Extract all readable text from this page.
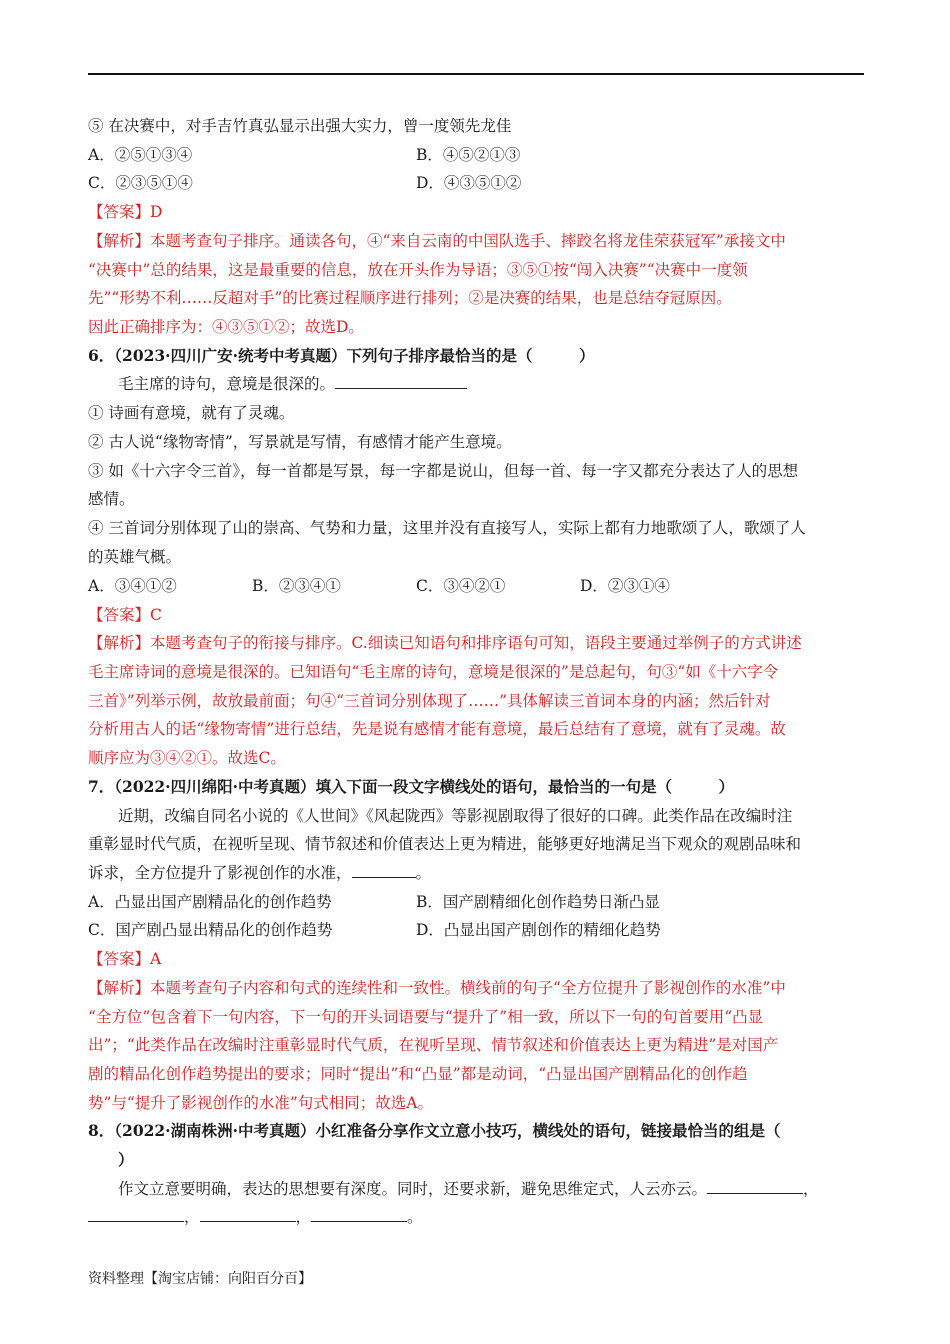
⑤ 在决赛中，对手吉竹真弘显示出强大实力，曾一度领先龙佳
A．②⑤①③④	B．④⑤②①③
C．②③⑤①④	D．④③⑤①②
【答案】D
【解析】本题考查句子排序。通读各句，④“来自云南的中国队选手、摔跤名将龙佳荣获冠军”承接文中
“决赛中”总的结果，这是最重要的信息，放在开头作为导语；③⑤①按“闯入决赛”“决赛中一度领
先”“形势不利……反超对手”的比赛过程顺序进行排列；②是决赛的结果，也是总结夺冠原因。
因此正确排序为：④③⑤①②；故选D。
6．（2023·四川广安·统考中考真题）下列句子排序最恰当的是（　　　）
毛主席的诗句，意境是很深的。
① 诗画有意境，就有了灵魂。
② 古人说“缘物寄情”，写景就是写情，有感情才能产生意境。
③ 如《十六字令三首》，每一首都是写景，每一字都是说山，但每一首、每一字又都充分表达了人的思想
感情。
④ 三首词分别体现了山的崇高、气势和力量，这里并没有直接写人，实际上都有力地歌颂了人，歌颂了人
的英雄气概。
A．③④①②	B．②③④①	C．③④②①	D．②③①④
【答案】C
【解析】本题考查句子的衔接与排序。C.细读已知语句和排序语句可知，语段主要通过举例子的方式讲述
毛主席诗词的意境是很深的。已知语句“毛主席的诗句，意境是很深的”是总起句，句③“如《十六字令
三首》”列举示例，故放最前面；句④“三首词分别体现了……”具体解读三首词本身的内涵；然后针对
分析用古人的话“缘物寄情”进行总结，先是说有感情才能有意境，最后总结有了意境，就有了灵魂。故
顺序应为③④②①。故选C。
7．（2022·四川绵阳·中考真题）填入下面一段文字横线处的语句，最恰当的一句是（　　　）
近期，改编自同名小说的《人世间》《风起陇西》等影视剧取得了很好的口碑。此类作品在改编时注
重彰显时代气质，在视听呈现、情节叙述和价值表达上更为精进，能够更好地满足当下观众的观剧品味和
诉求，全方位提升了影视创作的水准，	。
A．凸显出国产剧精品化的创作趋势	B．国产剧精细化创作趋势日渐凸显
C．国产剧凸显出精品化的创作趋势	D．凸显出国产剧创作的精细化趋势
【答案】A
【解析】本题考查句子内容和句式的连续性和一致性。横线前的句子“全方位提升了影视创作的水准”中
“全方位”包含着下一句内容，下一句的开头词语要与“提升了”相一致，所以下一句的句首要用“凸显
出”；“此类作品在改编时注重彰显时代气质，在视听呈现、情节叙述和价值表达上更为精进”是对国产
剧的精品化创作趋势提出的要求；同时“提出”和“凸显”都是动词，“凸显出国产剧精品化的创作趋
势”与“提升了影视创作的水准”句式相同；故选A。
8．（2022·湖南株洲·中考真题）小红准备分享作文立意小技巧，横线处的语句，链接最恰当的组是（
）
作文立意要明确，表达的思想要有深度。同时，还要求新，避免思维定式，人云亦云。	，
，	，	。
资料整理【淘宝店铺：向阳百分百】
